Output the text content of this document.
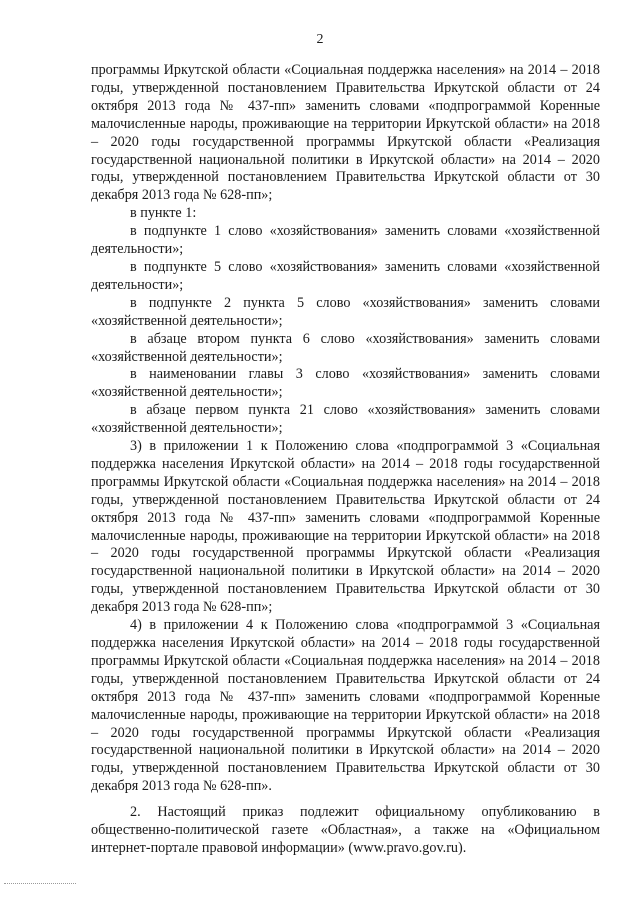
2

программы Иркутской области «Социальная поддержка населения» на 2014 – 2018 годы, утвержденной постановлением Правительства Иркутской области от 24 октября 2013 года № 437-пп» заменить словами «подпрограммой Коренные малочисленные народы, проживающие на территории Иркутской области» на 2018 – 2020 годы государственной программы Иркутской области «Реализация государственной национальной политики в Иркутской области» на 2014 – 2020 годы, утвержденной постановлением Правительства Иркутской области от 30 декабря 2013 года № 628-пп»;

в пункте 1:

в подпункте 1 слово «хозяйствования» заменить словами «хозяйственной деятельности»;

в подпункте 5 слово «хозяйствования» заменить словами «хозяйственной деятельности»;

в подпункте 2 пункта 5 слово «хозяйствования» заменить словами «хозяйственной деятельности»;

в абзаце втором пункта 6 слово «хозяйствования» заменить словами «хозяйственной деятельности»;

в наименовании главы 3 слово «хозяйствования» заменить словами «хозяйственной деятельности»;

в абзаце первом пункта 21 слово «хозяйствования» заменить словами «хозяйственной деятельности»;

3) в приложении 1 к Положению слова «подпрограммой 3 «Социальная поддержка населения Иркутской области» на 2014 – 2018 годы государственной программы Иркутской области «Социальная поддержка населения» на 2014 – 2018 годы, утвержденной постановлением Правительства Иркутской области от 24 октября 2013 года № 437-пп» заменить словами «подпрограммой Коренные малочисленные народы, проживающие на территории Иркутской области» на 2018 – 2020 годы государственной программы Иркутской области «Реализация государственной национальной политики в Иркутской области» на 2014 – 2020 годы, утвержденной постановлением Правительства Иркутской области от 30 декабря 2013 года № 628-пп»;

4) в приложении 4 к Положению слова «подпрограммой 3 «Социальная поддержка населения Иркутской области» на 2014 – 2018 годы государственной программы Иркутской области «Социальная поддержка населения» на 2014 – 2018 годы, утвержденной постановлением Правительства Иркутской области от 24 октября 2013 года № 437-пп» заменить словами «подпрограммой Коренные малочисленные народы, проживающие на территории Иркутской области» на 2018 – 2020 годы государственной программы Иркутской области «Реализация государственной национальной политики в Иркутской области» на 2014 – 2020 годы, утвержденной постановлением Правительства Иркутской области от 30 декабря 2013 года № 628-пп».

2. Настоящий приказ подлежит официальному опубликованию в общественно-политической газете «Областная», а также на «Официальном интернет-портале правовой информации» (www.pravo.gov.ru).
